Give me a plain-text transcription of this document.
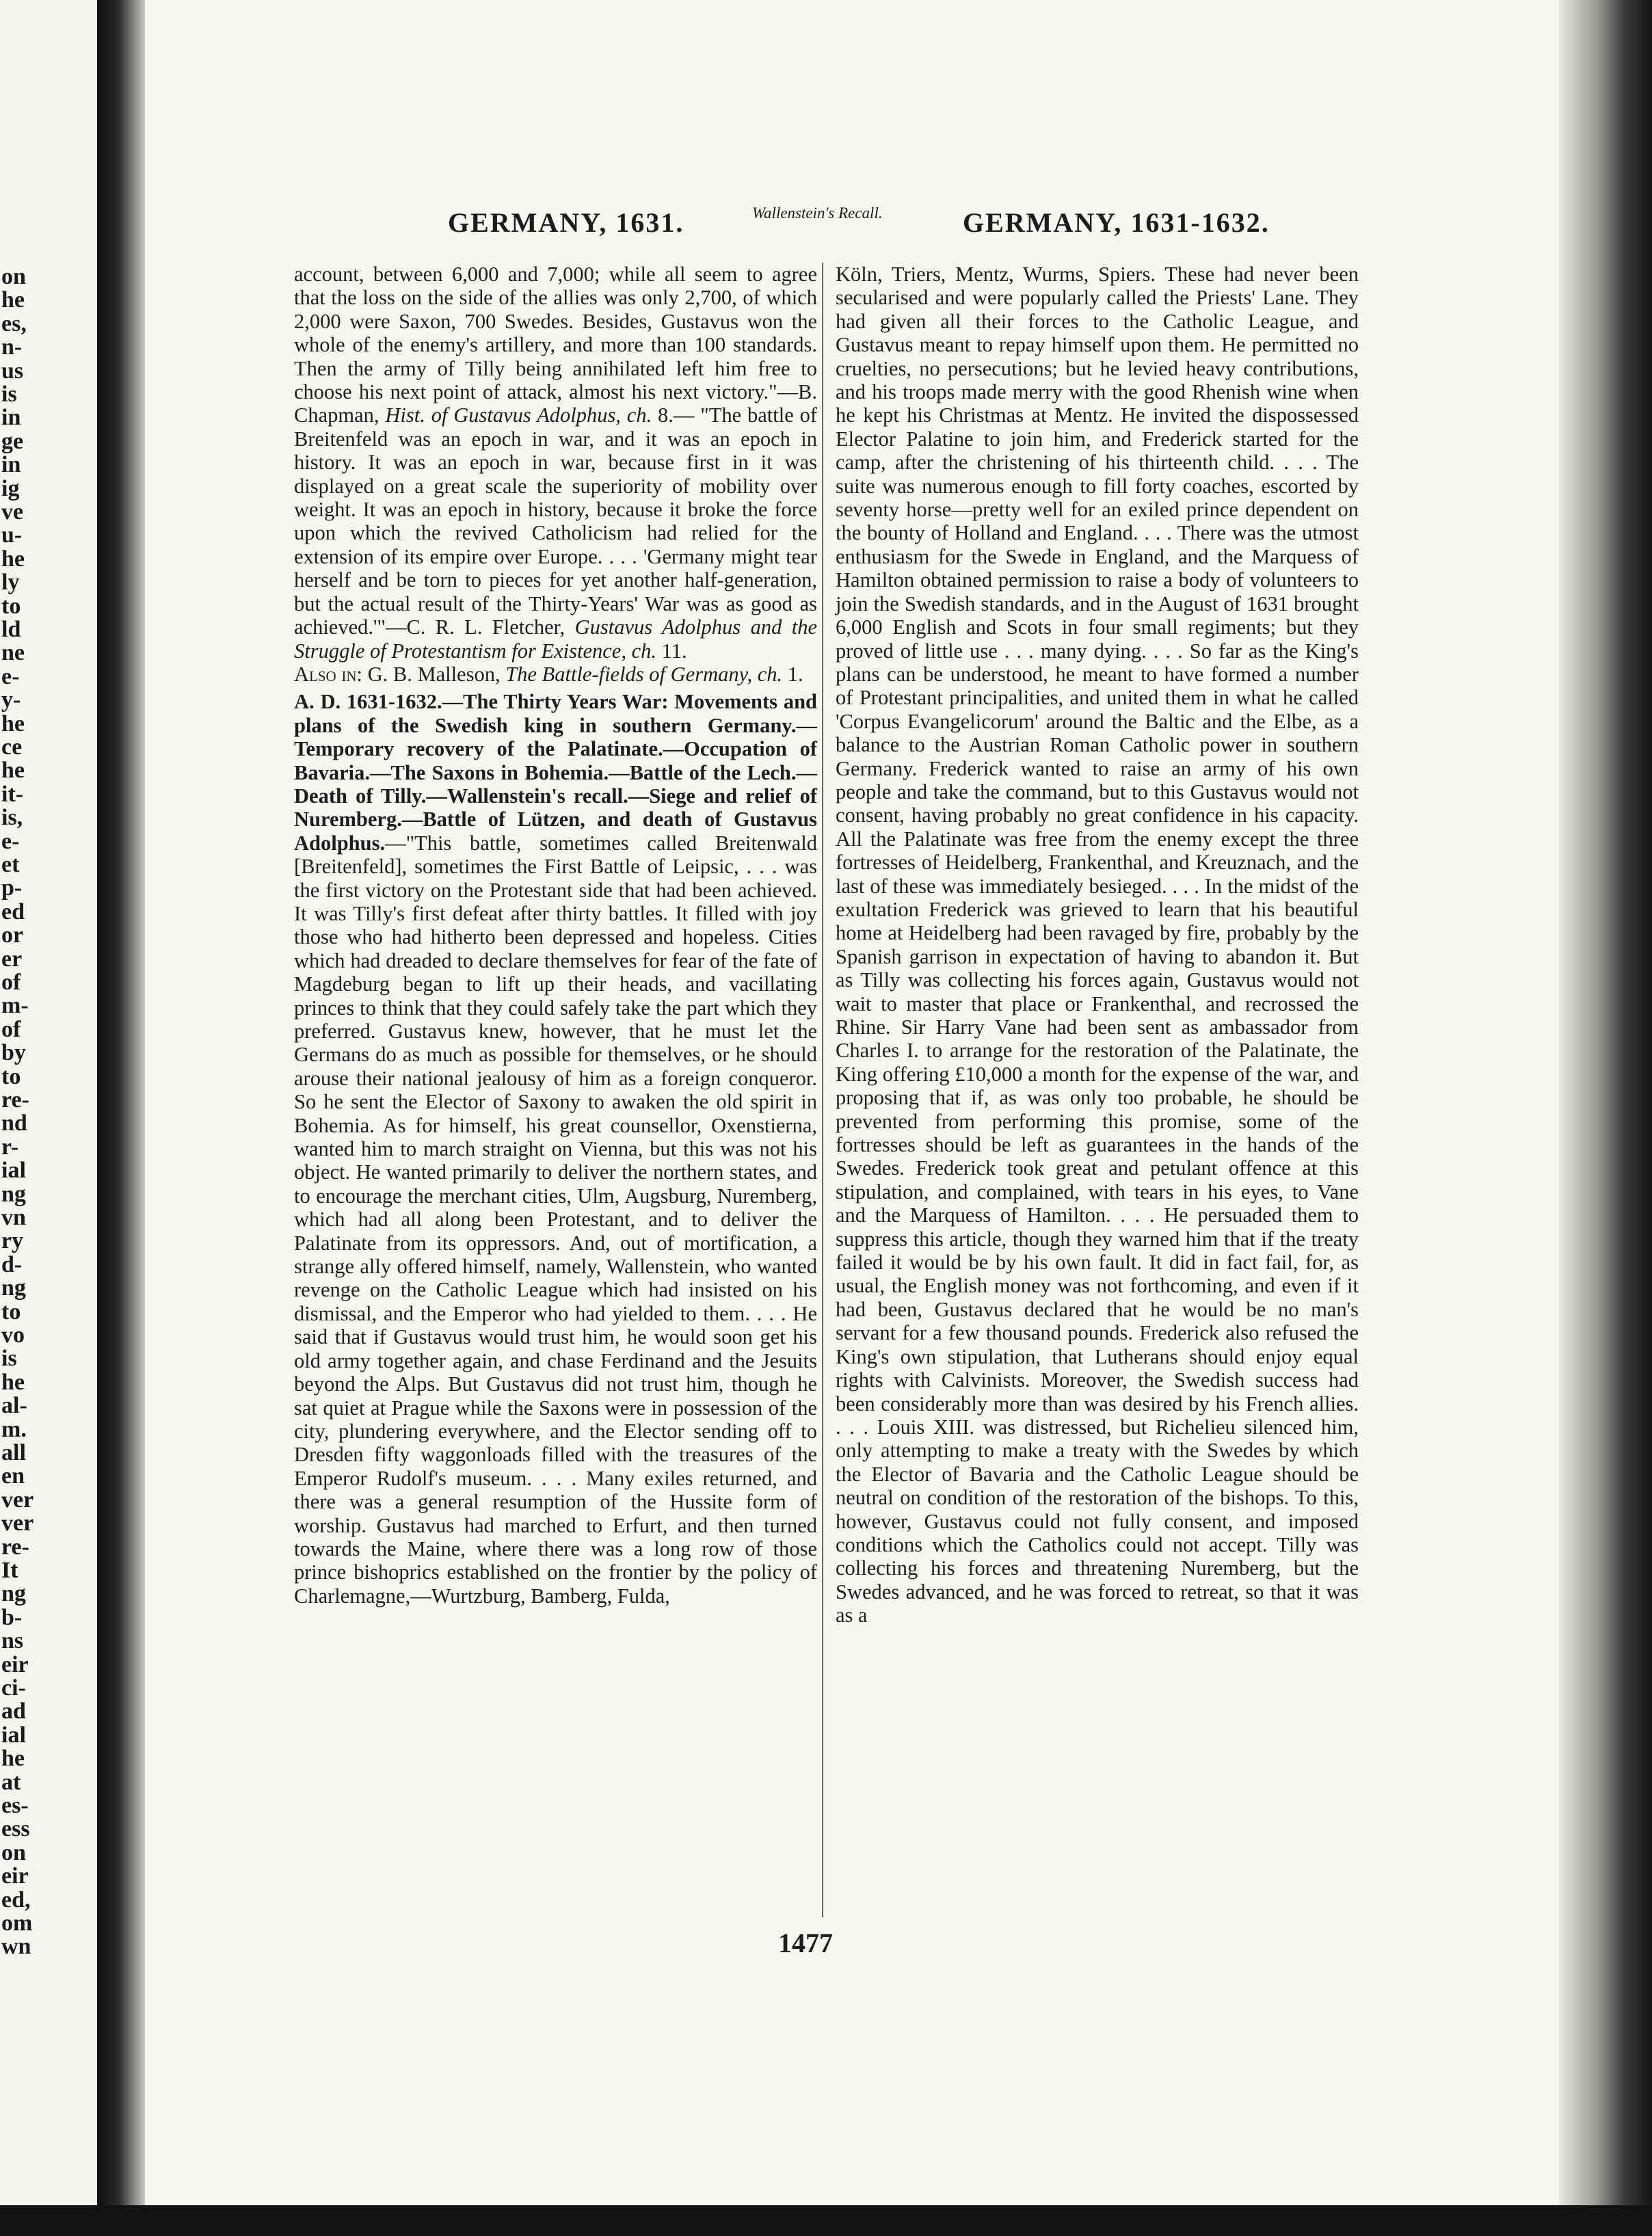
on
he
es,
n-
us
is
in
ge
in
ig
ve
u-
he
ly
to
ld
ne
e-
y-
he
ce
he
it-
is,
e-
et
p-
ed
or
er
of
m-
of
by
to
re-
nd
r-
ial
ng
vn
ry
d-
ng
to
vo
is
he
al-
m.
all
en
ver
ver
re-
It
ng
b-
ns
eir
ci-
ad
ial
he
at
es-
ess
on
eir
ed,
om
wn
GERMANY, 1631.	Wallenstein's Recall.	GERMANY, 1631-1632.

account, between 6,000 and 7,000; while all seem to agree that the loss on the side of the allies was only 2,700, of which 2,000 were Saxon, 700 Swedes. Besides, Gustavus won the whole of the enemy's artillery, and more than 100 standards. Then the army of Tilly being annihilated left him free to choose his next point of attack, almost his next victory."—B. Chapman, Hist. of Gustavus Adolphus, ch. 8.— "The battle of Breitenfeld was an epoch in war, and it was an epoch in history. It was an epoch in war, because first in it was displayed on a great scale the superiority of mobility over weight. It was an epoch in history, because it broke the force upon which the revived Catholicism had relied for the extension of its empire over Europe. . . . 'Germany might tear herself and be torn to pieces for yet another half-generation, but the actual result of the Thirty-Years' War was as good as achieved.'"—C. R. L. Fletcher, Gustavus Adolphus and the Struggle of Protestantism for Existence, ch. 11.

Also in: G. B. Malleson, The Battle-fields of Germany, ch. 1.

A. D. 1631-1632.—The Thirty Years War: Movements and plans of the Swedish king in southern Germany.—Temporary recovery of the Palatinate.—Occupation of Bavaria.—The Saxons in Bohemia.—Battle of the Lech.—Death of Tilly.—Wallenstein's recall.—Siege and relief of Nuremberg.—Battle of Lützen, and death of Gustavus Adolphus.—"This battle, sometimes called Breitenwald [Breitenfeld], sometimes the First Battle of Leipsic, . . . was the first victory on the Protestant side that had been achieved. It was Tilly's first defeat after thirty battles. It filled with joy those who had hitherto been depressed and hopeless. Cities which had dreaded to declare themselves for fear of the fate of Magdeburg began to lift up their heads, and vacillating princes to think that they could safely take the part which they preferred. Gustavus knew, however, that he must let the Germans do as much as possible for themselves, or he should arouse their national jealousy of him as a foreign conqueror. So he sent the Elector of Saxony to awaken the old spirit in Bohemia. As for himself, his great counsellor, Oxenstierna, wanted him to march straight on Vienna, but this was not his object. He wanted primarily to deliver the northern states, and to encourage the merchant cities, Ulm, Augsburg, Nuremberg, which had all along been Protestant, and to deliver the Palatinate from its oppressors. And, out of mortification, a strange ally offered himself, namely, Wallenstein, who wanted revenge on the Catholic League which had insisted on his dismissal, and the Emperor who had yielded to them. . . . He said that if Gustavus would trust him, he would soon get his old army together again, and chase Ferdinand and the Jesuits beyond the Alps. But Gustavus did not trust him, though he sat quiet at Prague while the Saxons were in possession of the city, plundering everywhere, and the Elector sending off to Dresden fifty waggonloads filled with the treasures of the Emperor Rudolf's museum. . . . Many exiles returned, and there was a general resumption of the Hussite form of worship. Gustavus had marched to Erfurt, and then turned towards the Maine, where there was a long row of those prince bishoprics established on the frontier by the policy of Charlemagne,—Wurtzburg, Bamberg, Fulda,

Köln, Triers, Mentz, Wurms, Spiers. These had never been secularised and were popularly called the Priests' Lane. They had given all their forces to the Catholic League, and Gustavus meant to repay himself upon them. He permitted no cruelties, no persecutions; but he levied heavy contributions, and his troops made merry with the good Rhenish wine when he kept his Christmas at Mentz. He invited the dispossessed Elector Palatine to join him, and Frederick started for the camp, after the christening of his thirteenth child. . . . The suite was numerous enough to fill forty coaches, escorted by seventy horse—pretty well for an exiled prince dependent on the bounty of Holland and England. . . . There was the utmost enthusiasm for the Swede in England, and the Marquess of Hamilton obtained permission to raise a body of volunteers to join the Swedish standards, and in the August of 1631 brought 6,000 English and Scots in four small regiments; but they proved of little use . . . many dying. . . . So far as the King's plans can be understood, he meant to have formed a number of Protestant principalities, and united them in what he called 'Corpus Evangelicorum' around the Baltic and the Elbe, as a balance to the Austrian Roman Catholic power in southern Germany. Frederick wanted to raise an army of his own people and take the command, but to this Gustavus would not consent, having probably no great confidence in his capacity. All the Palatinate was free from the enemy except the three fortresses of Heidelberg, Frankenthal, and Kreuznach, and the last of these was immediately besieged. . . . In the midst of the exultation Frederick was grieved to learn that his beautiful home at Heidelberg had been ravaged by fire, probably by the Spanish garrison in expectation of having to abandon it. But as Tilly was collecting his forces again, Gustavus would not wait to master that place or Frankenthal, and recrossed the Rhine. Sir Harry Vane had been sent as ambassador from Charles I. to arrange for the restoration of the Palatinate, the King offering £10,000 a month for the expense of the war, and proposing that if, as was only too probable, he should be prevented from performing this promise, some of the fortresses should be left as guarantees in the hands of the Swedes. Frederick took great and petulant offence at this stipulation, and complained, with tears in his eyes, to Vane and the Marquess of Hamilton. . . . He persuaded them to suppress this article, though they warned him that if the treaty failed it would be by his own fault. It did in fact fail, for, as usual, the English money was not forthcoming, and even if it had been, Gustavus declared that he would be no man's servant for a few thousand pounds. Frederick also refused the King's own stipulation, that Lutherans should enjoy equal rights with Calvinists. Moreover, the Swedish success had been considerably more than was desired by his French allies. . . . Louis XIII. was distressed, but Richelieu silenced him, only attempting to make a treaty with the Swedes by which the Elector of Bavaria and the Catholic League should be neutral on condition of the restoration of the bishops. To this, however, Gustavus could not fully consent, and imposed conditions which the Catholics could not accept. Tilly was collecting his forces and threatening Nuremberg, but the Swedes advanced, and he was forced to retreat, so that it was as a

1477
